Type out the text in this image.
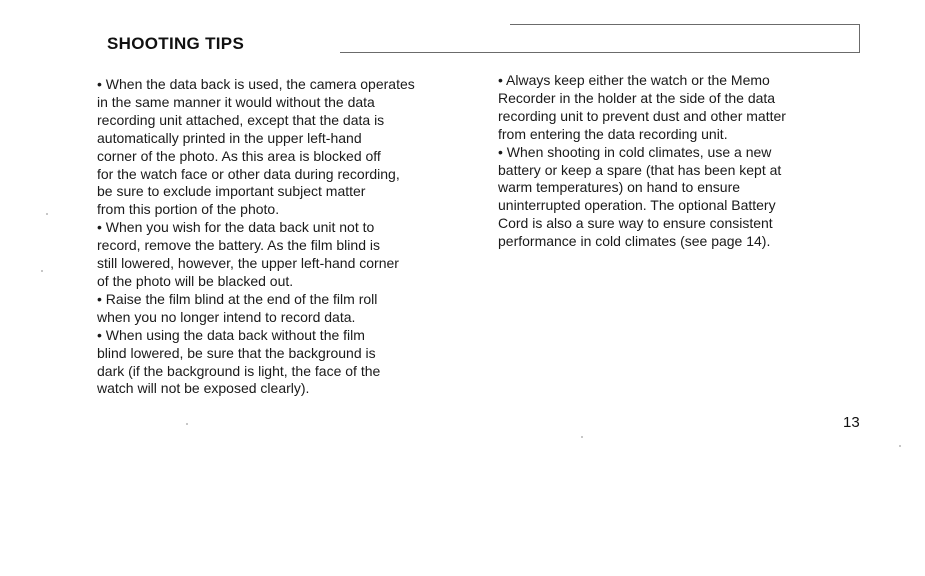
SHOOTING TIPS
• When the data back is used, the camera operates
in the same manner it would without the data
recording unit attached, except that the data is
automatically printed in the upper left-hand
corner of the photo. As this area is blocked off
for the watch face or other data during recording,
be sure to exclude important subject matter
from this portion of the photo.
• When you wish for the data back unit not to
record, remove the battery. As the film blind is
still lowered, however, the upper left-hand corner
of the photo will be blacked out.
• Raise the film blind at the end of the film roll
when you no longer intend to record data.
• When using the data back without the film
blind lowered, be sure that the background is
dark (if the background is light, the face of the
watch will not be exposed clearly).
• Always keep either the watch or the Memo
Recorder in the holder at the side of the data
recording unit to prevent dust and other matter
from entering the data recording unit.
• When shooting in cold climates, use a new
battery or keep a spare (that has been kept at
warm temperatures) on hand to ensure
uninterrupted operation. The optional Battery
Cord is also a sure way to ensure consistent
performance in cold climates (see page 14).
13
